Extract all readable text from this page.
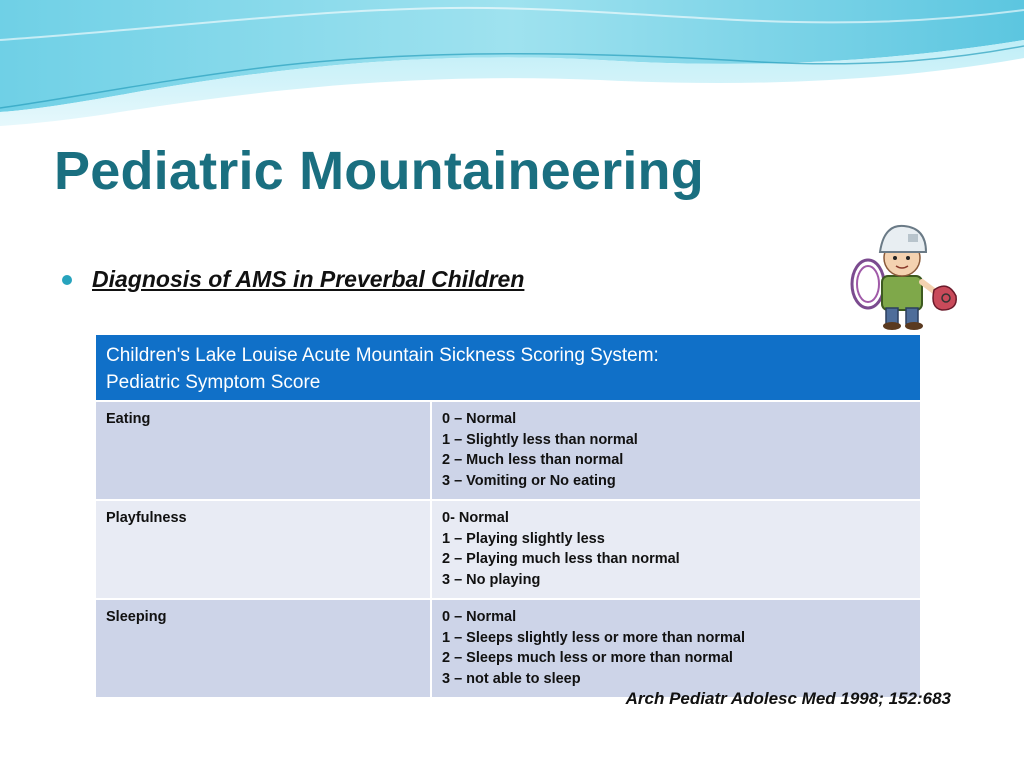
Pediatric Mountaineering
Diagnosis of AMS in Preverbal Children
Children's Lake Louise Acute Mountain Sickness Scoring System:
Pediatric Symptom Score	
Eating	0 – Normal
1 – Slightly less than normal
2 – Much less than normal
3 – Vomiting or No eating

Playfulness	0- Normal
1 – Playing slightly less
2 – Playing much less than normal
3 – No playing

Sleeping	0 – Normal
1 – Sleeps slightly less or more than normal
2 – Sleeps much less or more than normal
3 – not able to sleep
Arch Pediatr Adolesc Med 1998; 152:683
